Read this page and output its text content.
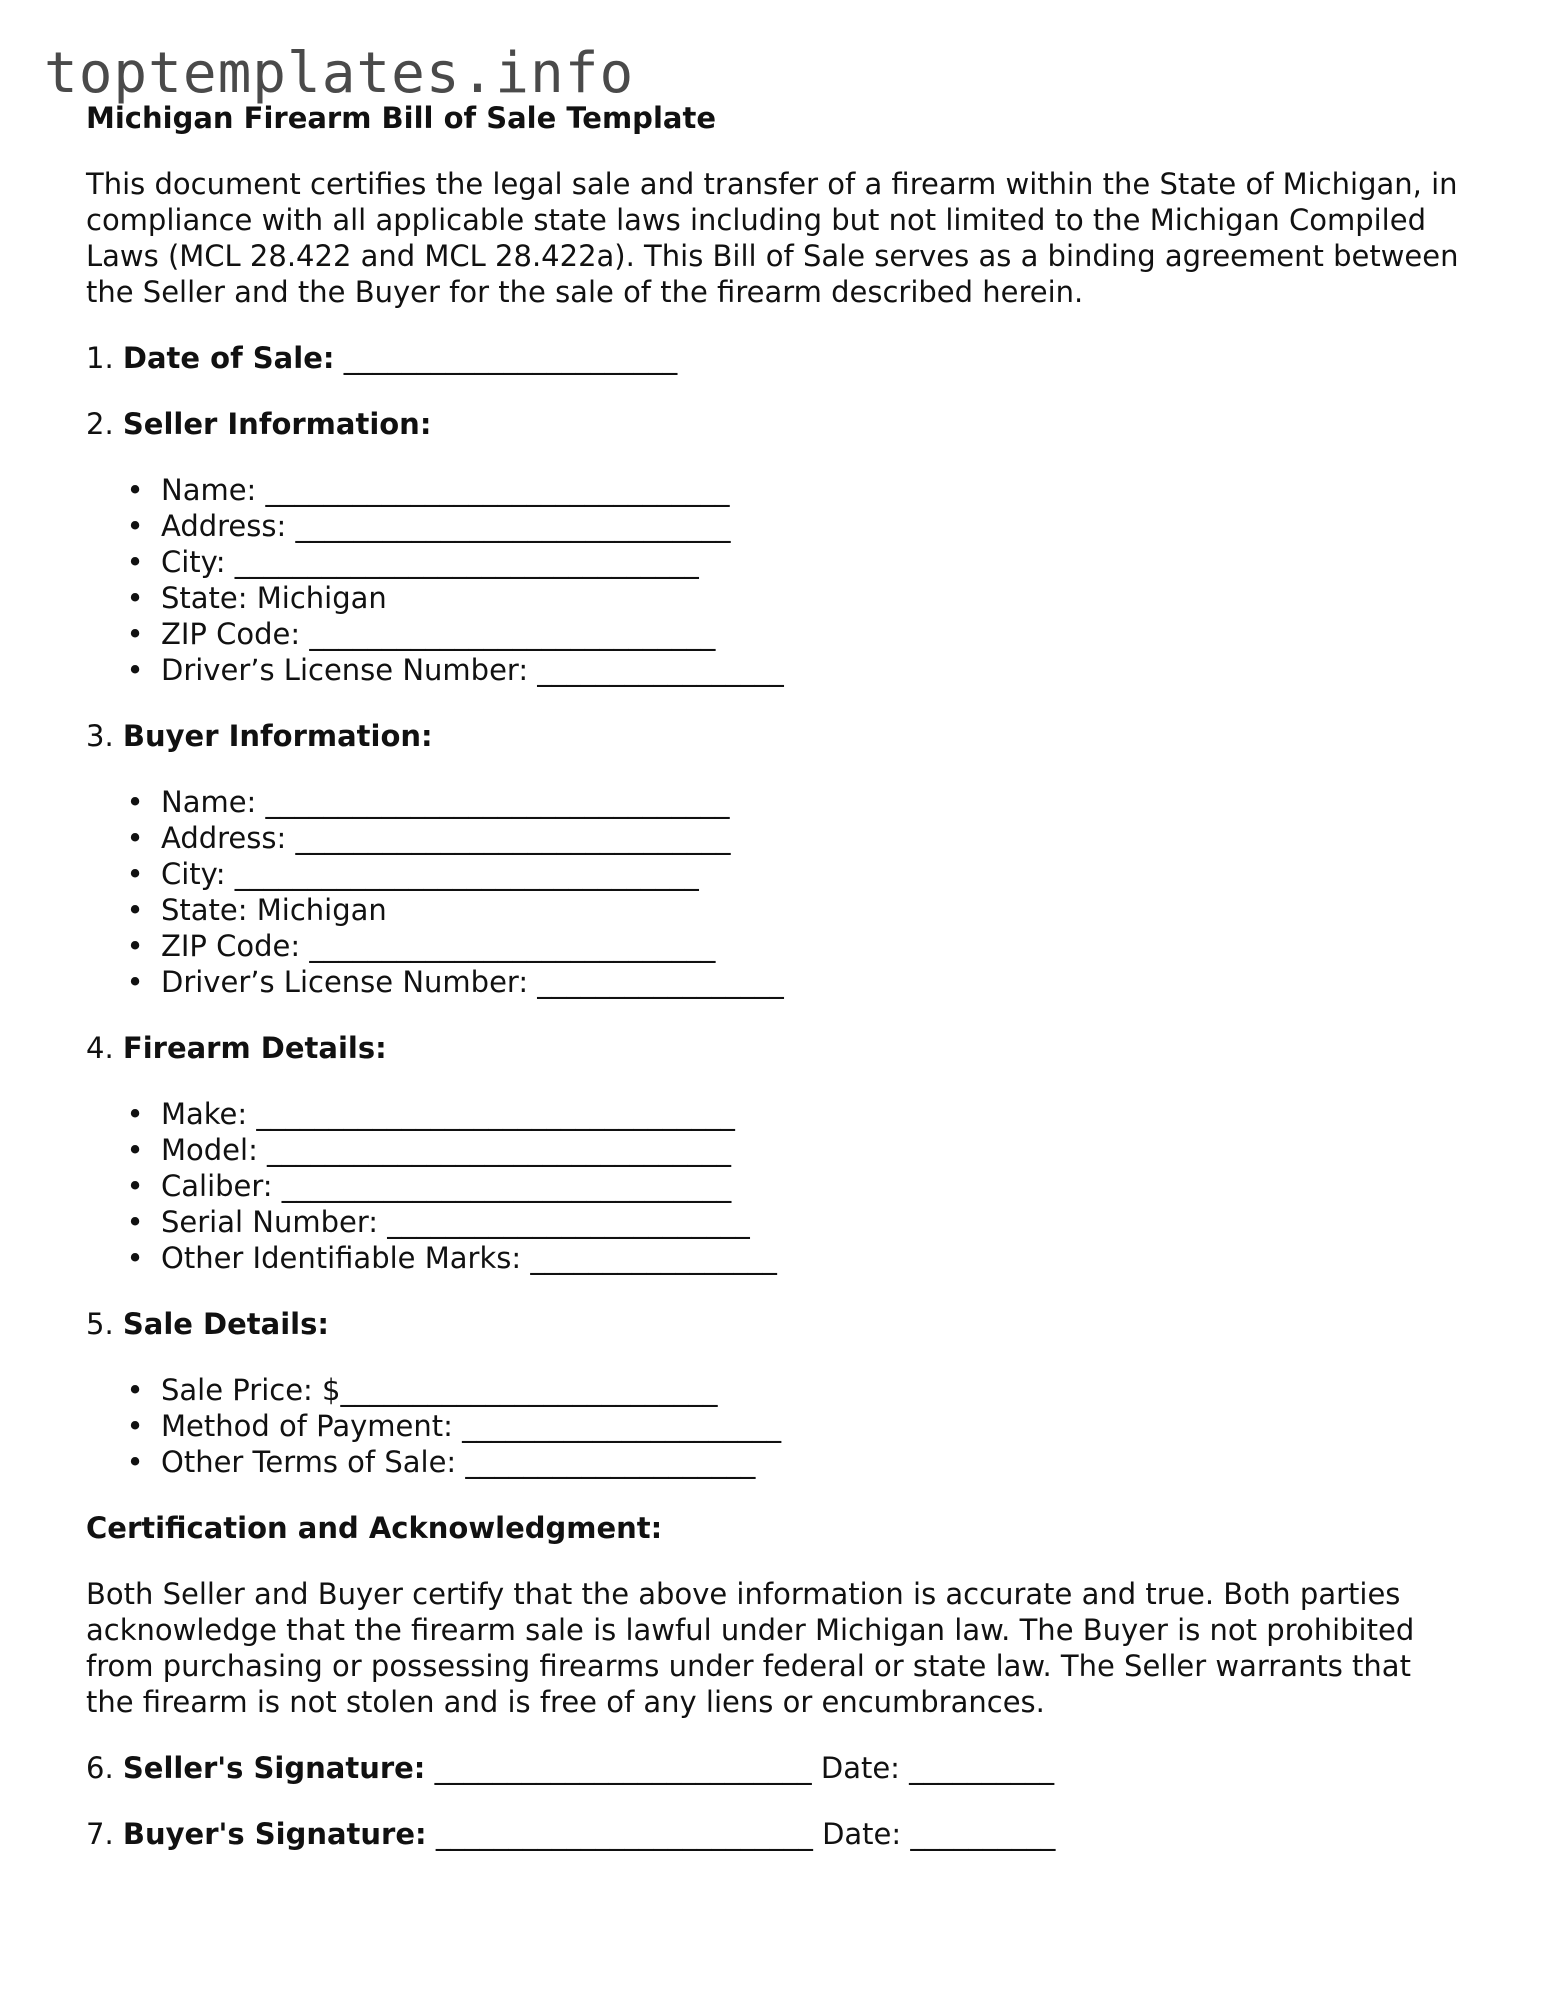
toptemplates.info
Michigan Firearm Bill of Sale Template

This document certifies the legal sale and transfer of a firearm within the State of Michigan, in compliance with all applicable state laws including but not limited to the Michigan Compiled Laws (MCL 28.422 and MCL 28.422a). This Bill of Sale serves as a binding agreement between the Seller and the Buyer for the sale of the firearm described herein.

1. Date of Sale: _______________________
2. Seller Information:
• Name: ________________________________
• Address: ______________________________
• City: ________________________________
• State: Michigan
• ZIP Code: ____________________________
• Driver’s License Number: _________________
3. Buyer Information:
• Name: ________________________________
• Address: ______________________________
• City: ________________________________
• State: Michigan
• ZIP Code: ____________________________
• Driver’s License Number: _________________
4. Firearm Details:
• Make: _________________________________
• Model: ________________________________
• Caliber: _______________________________
• Serial Number: _________________________
• Other Identifiable Marks: _________________
5. Sale Details:
• Sale Price: $__________________________
• Method of Payment: ______________________
• Other Terms of Sale: ____________________
Certification and Acknowledgment:

Both Seller and Buyer certify that the above information is accurate and true. Both parties acknowledge that the firearm sale is lawful under Michigan law. The Buyer is not prohibited from purchasing or possessing firearms under federal or state law. The Seller warrants that the firearm is not stolen and is free of any liens or encumbrances.

6. Seller's Signature: __________________________ Date: __________
7. Buyer's Signature: __________________________ Date: __________
